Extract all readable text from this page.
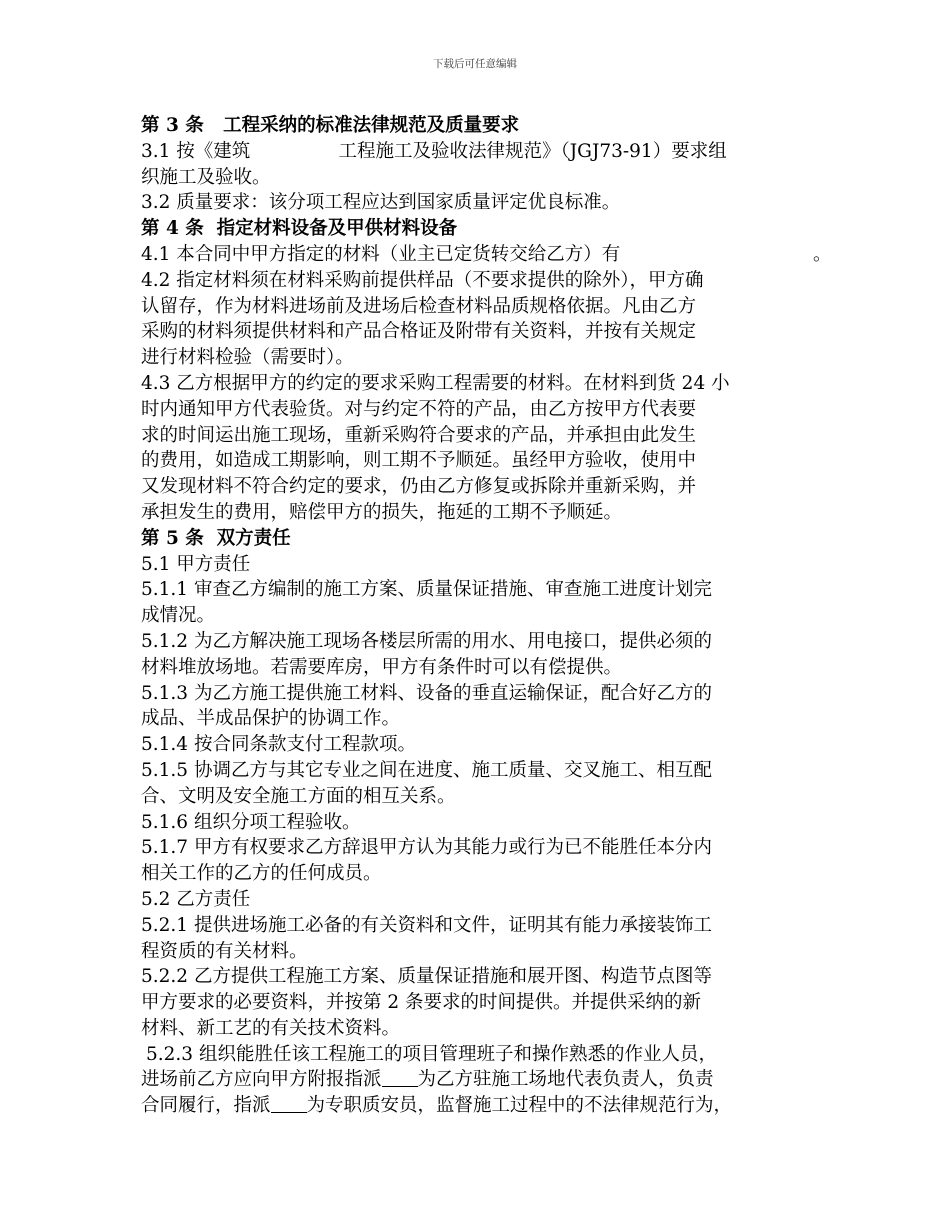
下载后可任意编辑
第 3 条   工程采纳的标准法律规范及质量要求
3.1 按《建筑               工程施工及验收法律规范》（JGJ73-91）要求组
织施工及验收。
3.2 质量要求：该分项工程应达到国家质量评定优良标准。
第 4 条  指定材料设备及甲供材料设备
4.1 本合同中甲方指定的材料（业主已定货转交给乙方）有	。
4.2 指定材料须在材料采购前提供样品（不要求提供的除外），甲方确
认留存，作为材料进场前及进场后检查材料品质规格依据。凡由乙方
采购的材料须提供材料和产品合格证及附带有关资料，并按有关规定
进行材料检验（需要时）。
4.3 乙方根据甲方的约定的要求采购工程需要的材料。在材料到货 24 小
时内通知甲方代表验货。对与约定不符的产品，由乙方按甲方代表要
求的时间运出施工现场，重新采购符合要求的产品，并承担由此发生
的费用，如造成工期影响，则工期不予顺延。虽经甲方验收，使用中
又发现材料不符合约定的要求，仍由乙方修复或拆除并重新采购，并
承担发生的费用，赔偿甲方的损失，拖延的工期不予顺延。
第 5 条  双方责任
5.1 甲方责任
5.1.1 审查乙方编制的施工方案、质量保证措施、审查施工进度计划完
成情况。
5.1.2 为乙方解决施工现场各楼层所需的用水、用电接口，提供必须的
材料堆放场地。若需要库房，甲方有条件时可以有偿提供。
5.1.3 为乙方施工提供施工材料、设备的垂直运输保证，配合好乙方的
成品、半成品保护的协调工作。
5.1.4 按合同条款支付工程款项。
5.1.5 协调乙方与其它专业之间在进度、施工质量、交叉施工、相互配
合、文明及安全施工方面的相互关系。
5.1.6 组织分项工程验收。
5.1.7 甲方有权要求乙方辞退甲方认为其能力或行为已不能胜任本分内
相关工作的乙方的任何成员。
5.2 乙方责任
5.2.1 提供进场施工必备的有关资料和文件，证明其有能力承接装饰工
程资质的有关材料。
5.2.2 乙方提供工程施工方案、质量保证措施和展开图、构造节点图等
甲方要求的必要资料，并按第 2 条要求的时间提供。并提供采纳的新
材料、新工艺的有关技术资料。
5.2.3 组织能胜任该工程施工的项目管理班子和操作熟悉的作业人员，
进场前乙方应向甲方附报指派 为乙方驻施工场地代表负责人，负责
合同履行，指派 为专职质安员，监督施工过程中的不法律规范行为，
